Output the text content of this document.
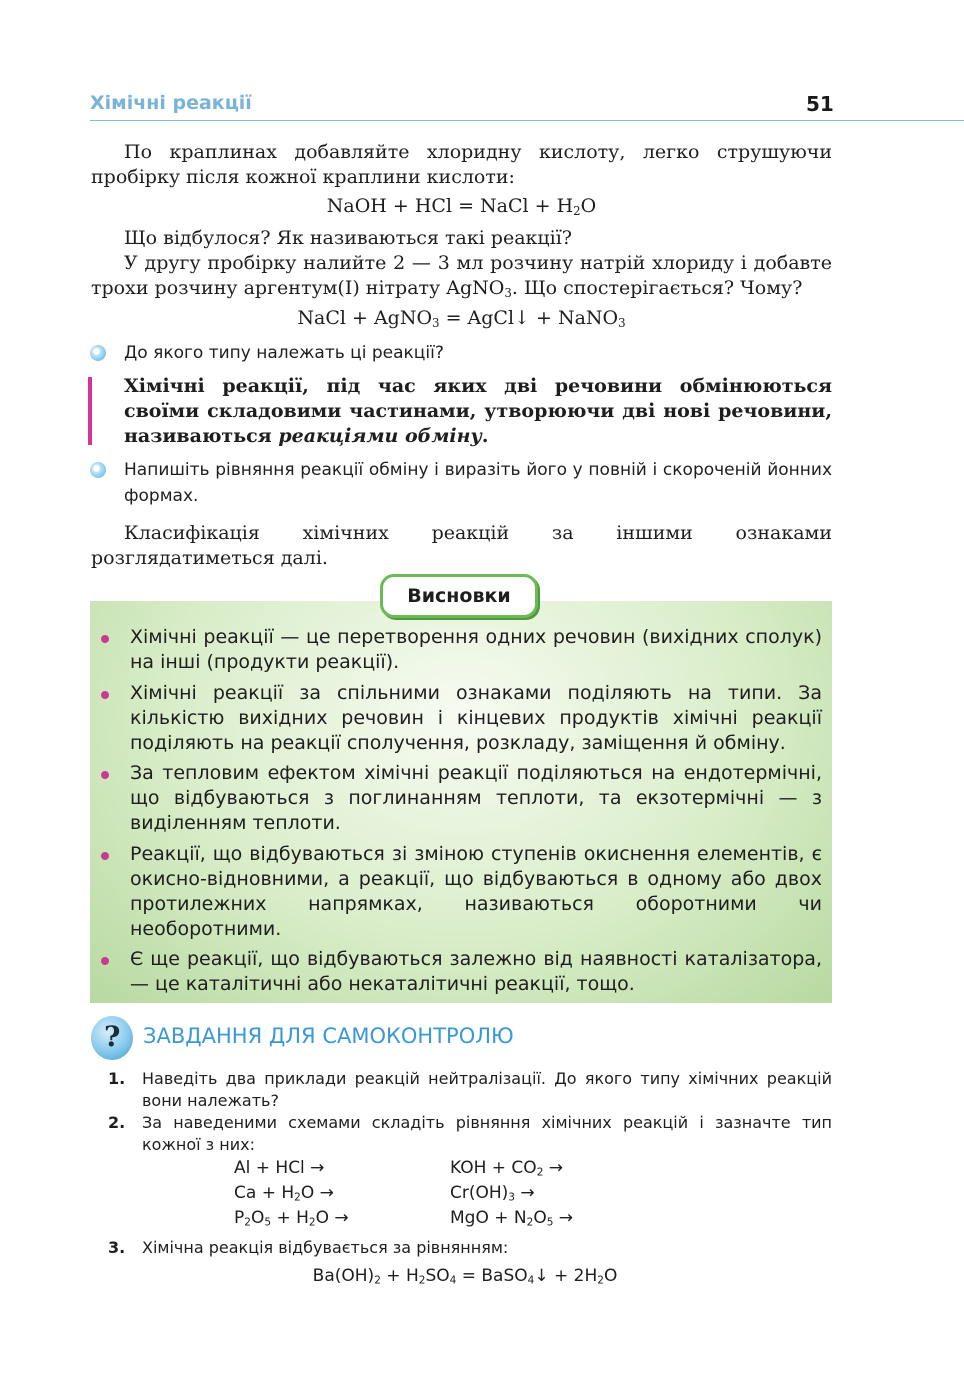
Хімічні реакції	51

По краплинах добавляйте хлоридну кислоту, легко струшуючи пробірку після кожної краплини кислоти:

NaOH + HCl = NaCl + $H_2O$

Що відбулося? Як називаються такі реакції?

У другу пробірку налийте 2 — 3 мл розчину натрій хлориду і добавте трохи розчину аргентум(I) нітрату AgNO$_3$. Що спостерігається? Чому?

NaCl + AgNO$_3$ = AgCl↓ + NaNO$_3$

До якого типу належать ці реакції?

Хімічні реакції, під час яких дві речовини обмінюються своїми складовими частинами, утворюючи дві нові речовини, називаються реакціями обміну.

Напишіть рівняння реакції обміну і виразіть його у повній і скороченій йонних формах.

Класифікація хімічних реакцій за іншими ознаками розглядатиметься далі.

Висновки
Хімічні реакції — це перетворення одних речовин (вихідних сполук) на інші (продукти реакції).
Хімічні реакції за спільними ознаками поділяють на типи. За кількістю вихідних речовин і кінцевих продуктів хімічні реакції поділяють на реакції сполучення, розкладу, заміщення й обміну.
За тепловим ефектом хімічні реакції поділяються на ендотермічні, що відбуваються з поглинанням теплоти, та екзотермічні — з виділенням теплоти.
Реакції, що відбуваються зі зміною ступенів окиснення елементів, є окисно-відновними, а реакції, що відбуваються в одному або двох протилежних напрямках, називаються оборотними чи необоротними.
Є ще реакції, що відбуваються залежно від наявності каталізатора, — це каталітичні або некаталітичні реакції, тощо.
? ЗАВДАННЯ ДЛЯ САМОКОНТРОЛЮ
1. Наведіть два приклади реакцій нейтралізації. До якого типу хімічних реакцій вони належать?

2. За наведеними схемами складіть рівняння хімічних реакцій і зазначте тип кожної з них:

Al + HCl →	KOH + $CO_2$ →
$Ca + H_2O$ →	$Cr(OH)_3$ →
$P_2O_5 + H_2O$ →	MgO + $N_2O_5$ →
3. Хімічна реакція відбувається за рівнянням:

$Ba(OH)_2 + H_2SO_4$ = BaSO$_4$↓ + $2H_2O$
